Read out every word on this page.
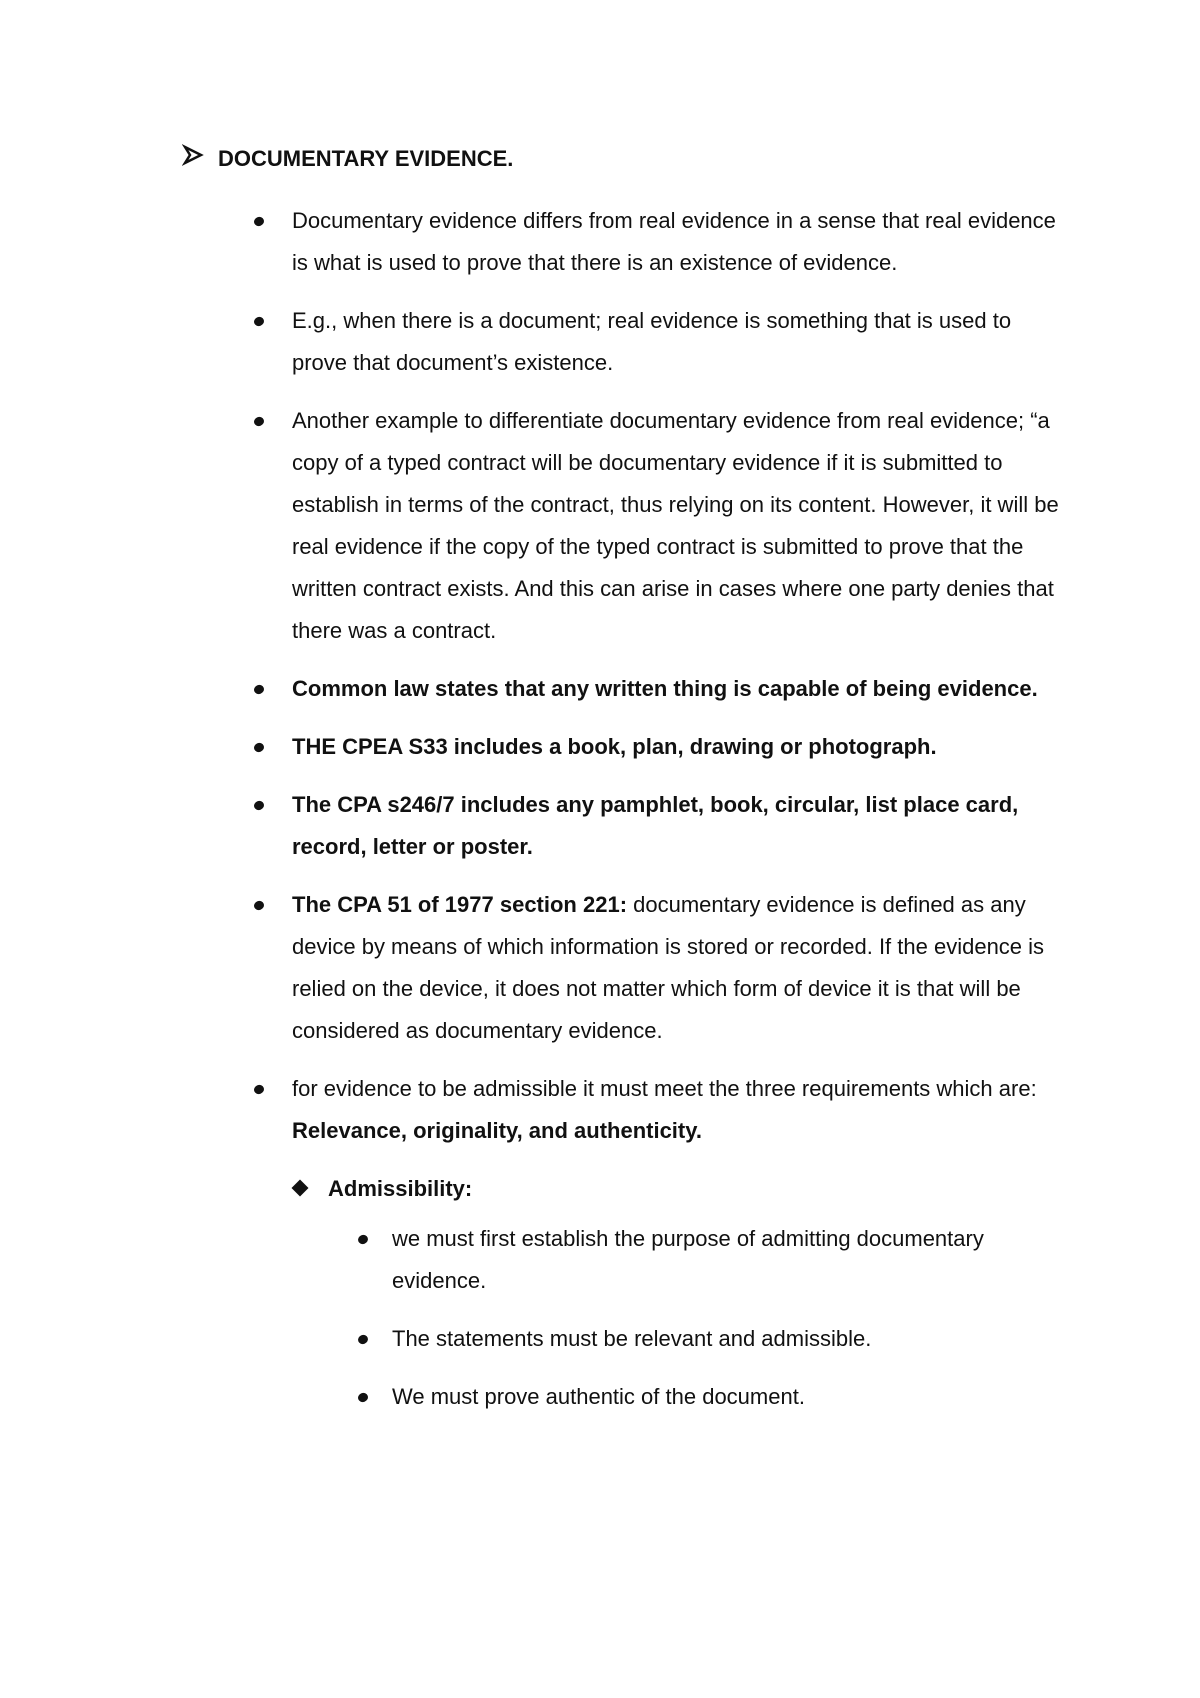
DOCUMENTARY EVIDENCE.
Documentary evidence differs from real evidence in a sense that real evidence is what is used to prove that there is an existence of evidence.
E.g., when there is a document; real evidence is something that is used to prove that document’s existence.
Another example to differentiate documentary evidence from real evidence; “a copy of a typed contract will be documentary evidence if it is submitted to establish in terms of the contract, thus relying on its content. However, it will be real evidence if the copy of the typed contract is submitted to prove that the written contract exists. And this can arise in cases where one party denies that there was a contract.
Common law states that any written thing is capable of being evidence.
THE CPEA S33 includes a book, plan, drawing or photograph.
The CPA s246/7 includes any pamphlet, book, circular, list place card, record, letter or poster.
The CPA 51 of 1977 section 221: documentary evidence is defined as any device by means of which information is stored or recorded. If the evidence is relied on the device, it does not matter which form of device it is that will be considered as documentary evidence.
for evidence to be admissible it must meet the three requirements which are: Relevance, originality, and authenticity.
Admissibility:
we must first establish the purpose of admitting documentary evidence.
The statements must be relevant and admissible.
We must prove authentic of the document.
